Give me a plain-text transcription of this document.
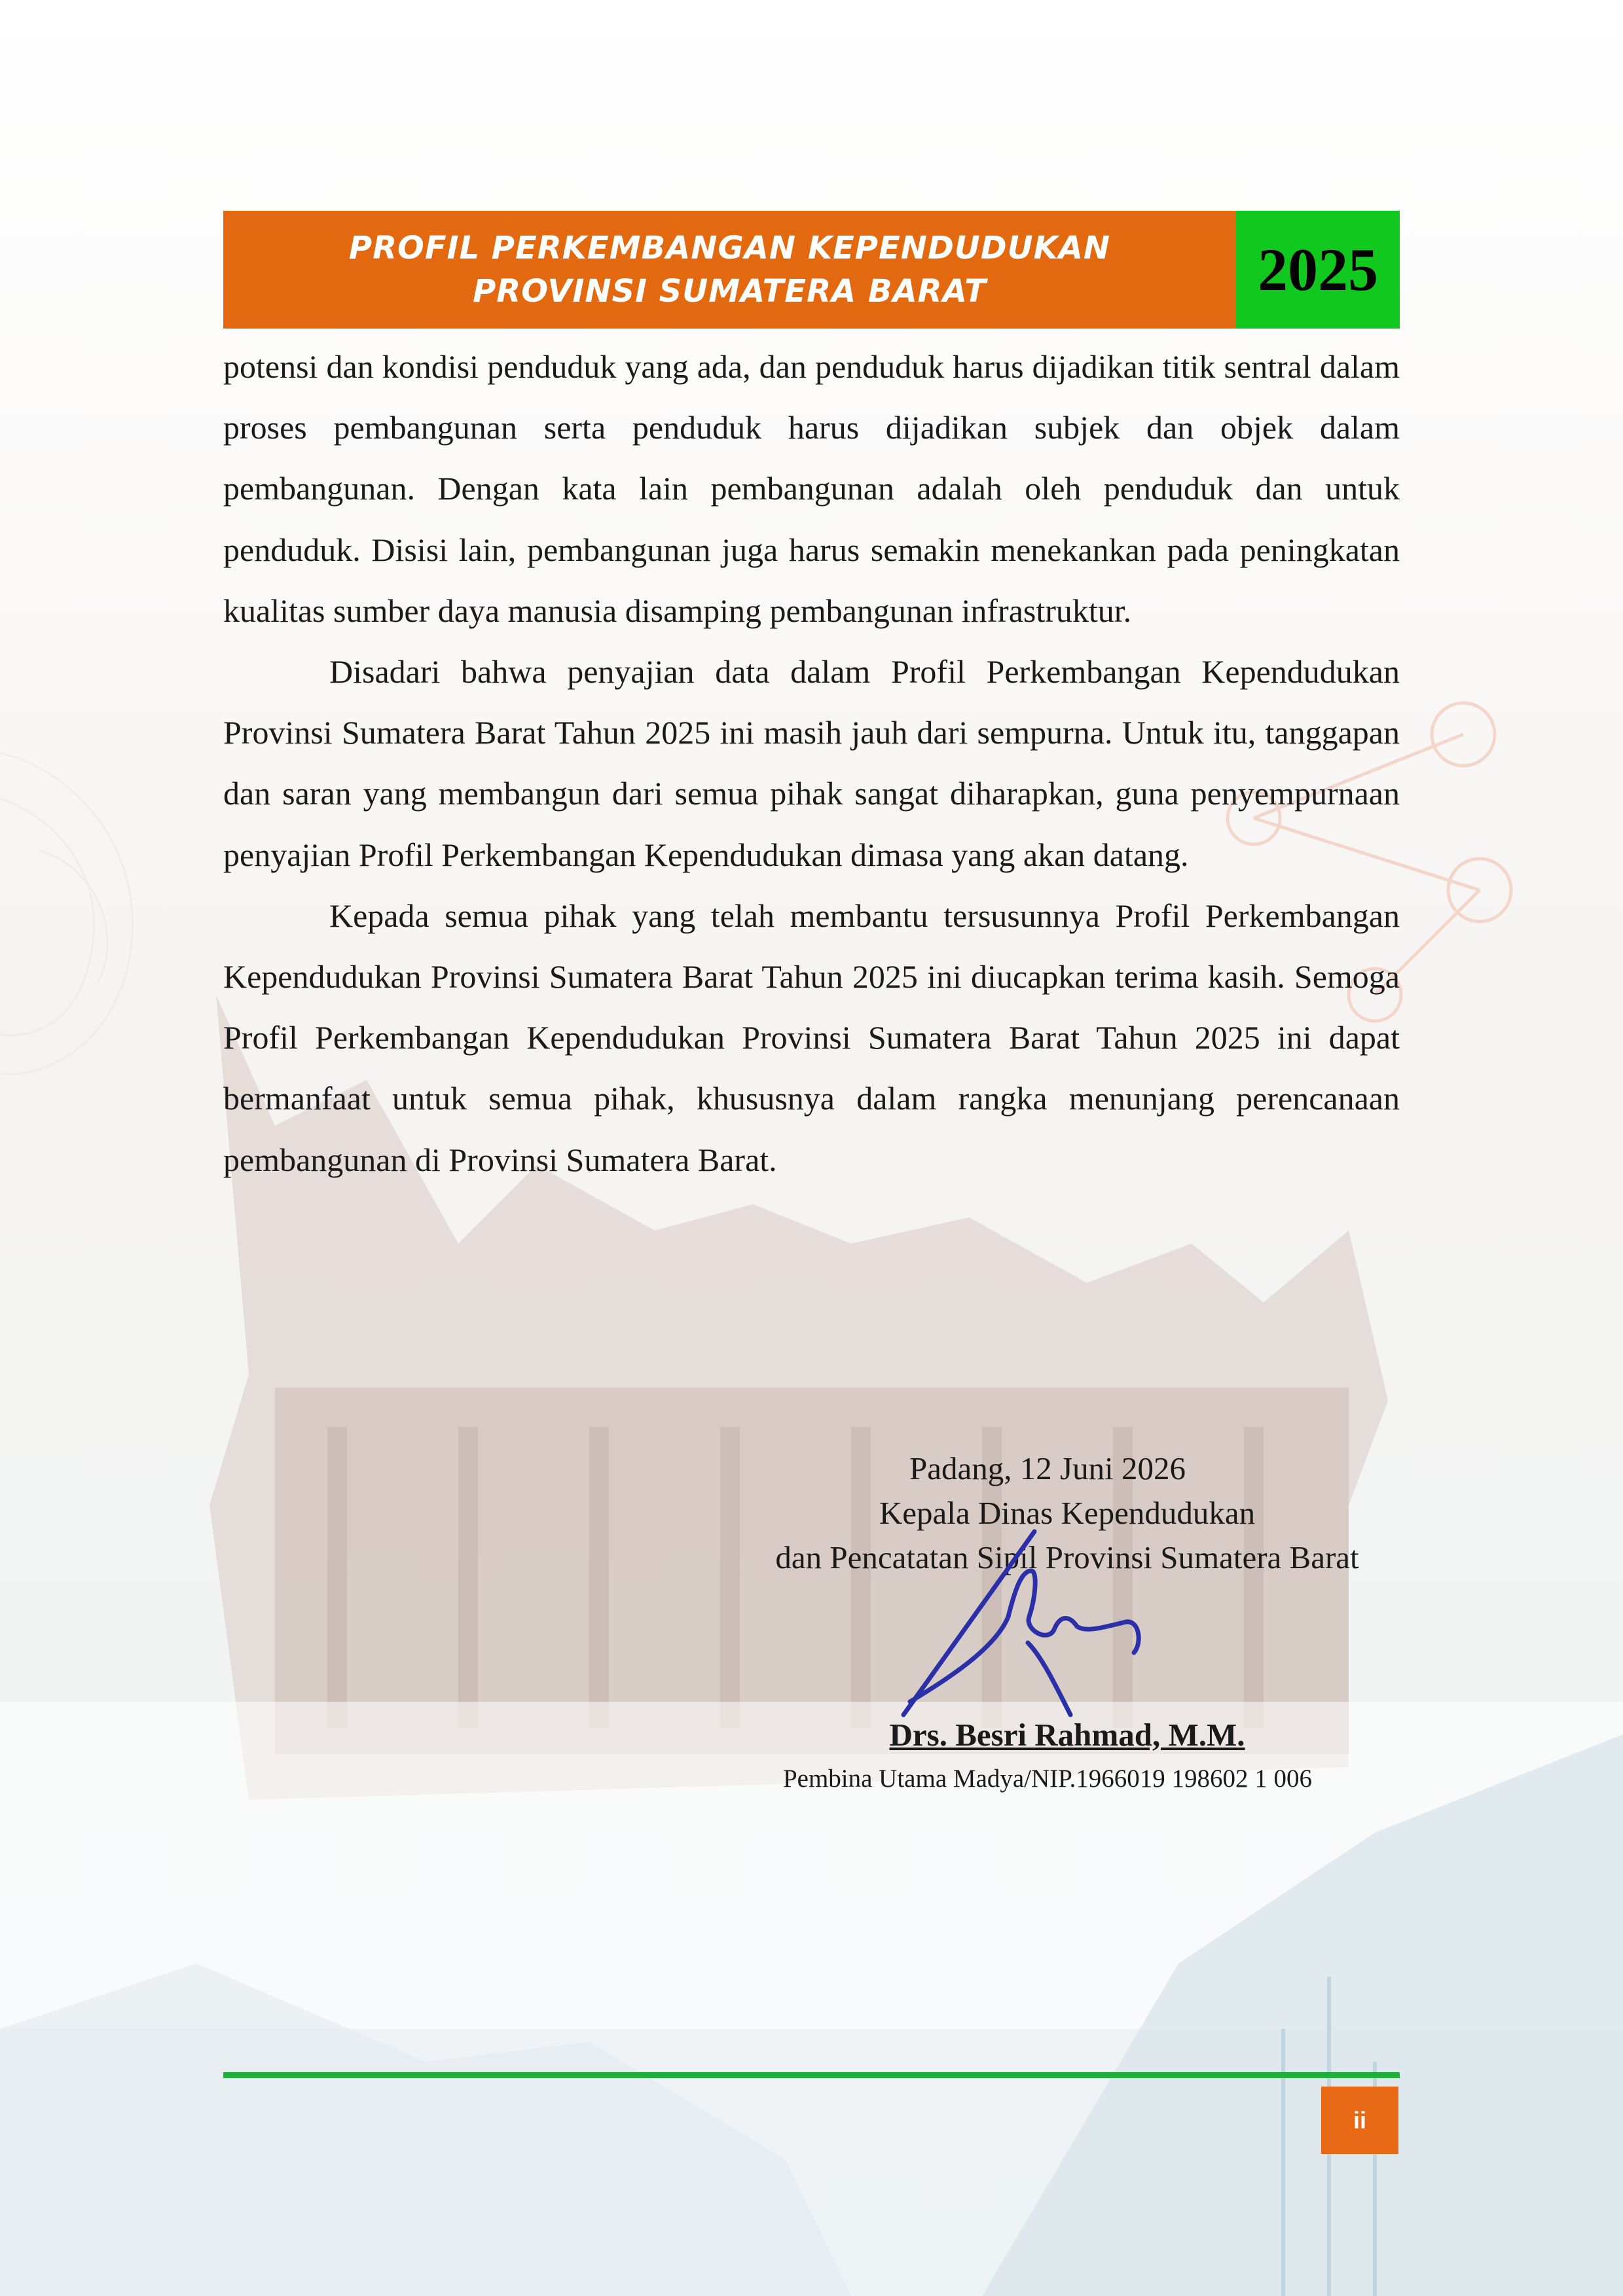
PROFIL PERKEMBANGAN KEPENDUDUKAN
PROVINSI SUMATERA BARAT	2025

potensi dan kondisi penduduk yang ada, dan penduduk harus dijadikan titik sentral dalam proses pembangunan serta penduduk harus dijadikan subjek dan objek dalam pembangunan. Dengan kata lain pembangunan adalah oleh penduduk dan untuk penduduk. Disisi lain, pembangunan juga harus semakin menekankan pada peningkatan kualitas sumber daya manusia disamping pembangunan infrastruktur.

Disadari bahwa penyajian data dalam Profil Perkembangan Kependudukan Provinsi Sumatera Barat Tahun 2025 ini masih jauh dari sempurna. Untuk itu, tanggapan dan saran yang membangun dari semua pihak sangat diharapkan, guna penyempurnaan penyajian Profil Perkembangan Kependudukan dimasa yang akan datang.

Kepada semua pihak yang telah membantu tersusunnya Profil Perkembangan Kependudukan Provinsi Sumatera Barat Tahun 2025 ini diucapkan terima kasih. Semoga Profil Perkembangan Kependudukan Provinsi Sumatera Barat Tahun 2025 ini dapat bermanfaat untuk semua pihak, khususnya dalam rangka menunjang perencanaan pembangunan di Provinsi Sumatera Barat.

Padang, 12 Juni 2026
Kepala Dinas Kependudukan
dan Pencatatan Sipil Provinsi Sumatera Barat
Drs. Besri Rahmad, M.M.
Pembina Utama Madya/NIP.1966019 198602 1 006
ii
